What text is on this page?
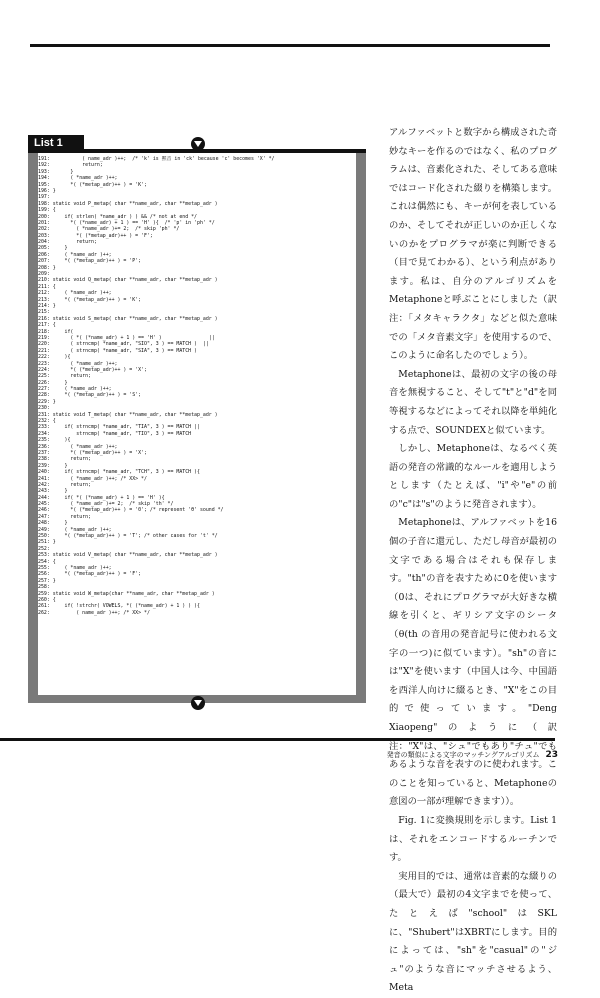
List 1
191:           ( name_adr )++;  /* 'k' is 黙音 in 'ck' because 'c' becomes 'X' */
192:           return;
193:       }
194:       ( *name_adr )++;
195:       *( (*metap_adr)++ ) = 'K';
196: }
197:
198: static void P_metap( char **name_adr, char **metap_adr )
199: {
200:     if( strlen( *name_adr ) ) && /* not at end */
201:       *( (*name_adr) + 1 ) == 'H' ){  /* 'p' in 'ph' */
202:         ( *name_adr )+= 2;  /* skip 'ph' */
203:         *( (*metap_adr)++ ) = 'F';
204:         return;
205:     }
206:     ( *name_adr )++;
207:     *( (*metap_adr)++ ) = 'P';
208: }
209:
210: static void Q_metap( char **name_adr, char **metap_adr )
211: {
212:     ( *name_adr )++;
213:     *( (*metap_adr)++ ) = 'K';
214: }
215:
216: static void S_metap( char **name_adr, char **metap_adr )
217: {
218:     if(
219:       ( *( (*name_adr) + 1 ) == 'H' )                ||
220:       ( strncmp( *name_adr, "SIO", 3 ) == MATCH )  ||
221:       ( strncmp( *name_adr, "SIA", 3 ) == MATCH )
222:     ){
223:       ( *name_adr )++;
224:       *( (*metap_adr)++ ) = 'X';
225:       return;
226:     }
227:     ( *name_adr )++;
228:     *( (*metap_adr)++ ) = 'S';
229: }
230:
231: static void T_metap( char **name_adr, char **metap_adr )
232: {
233:     if( strncmp( *name_adr, "TIA", 3 ) == MATCH ||
234:         strncmp( *name_adr, "TIO", 3 ) == MATCH
235:     ){
236:       ( *name_adr )++;
237:       *( (*metap_adr)++ ) = 'X';
238:       return;
239:     }
240:     if( strncmp( *name_adr, "TCH", 3 ) == MATCH ){
241:       ( *name_adr )++; /* XX> */
242:       return;
243:     }
244:     if( *( (*name_adr) + 1 ) == 'H' ){
245:       ( *name_adr )+= 2;  /* skip 'th' */
246:       *( (*metap_adr)++ ) = '0'; /* represent 'θ' sound */
247:       return;
248:     }
249:     ( *name_adr )++;
250:     *( (*metap_adr)++ ) = 'T'; /* other cases for 't' */
251: }
252:
253: static void V_metap( char **name_adr, char **metap_adr )
254: {
255:     ( *name_adr )++;
256:     *( (*metap_adr)++ ) = 'F';
257: }
258:
259: static void W_metap(char **name_adr, char **metap_adr )
260: {
261:     if( !strchr( VOWELS, *( (*name_adr) + 1 ) ) ){
262:         ( name_adr )++; /* XX> */

アルファベットと数字から構成された奇妙なキーを作るのではなく、私のプログラムは、音素化された、そしてある意味ではコード化された綴りを構築します。これは偶然にも、キーが何を表しているのか、そしてそれが正しいのか正しくないのかをプログラマが楽に判断できる（目で見てわかる）、という利点があります。私は、自分のアルゴリズムをMetaphoneと呼ぶことにしました（訳注：「メタキャラクタ」などと似た意味での「メタ音素文字」を使用するので、このように命名したのでしょう）。

Metaphoneは、最初の文字の後の母音を無視すること、そして"t"と"d"を同等視するなどによってそれ以降を単純化する点で、SOUNDEXと似ています。

しかし、Metaphoneは、なるべく英語の発音の常識的なルールを適用しようとします（たとえば、"i"や"e"の前の"c"は"s"のように発音されます）。

Metaphoneは、アルファベットを16個の子音に還元し、ただし母音が最初の文字である場合はそれも保存します。"th"の音を表すために0を使います（0は、それにプログラマが大好きな横線を引くと、ギリシア文字のシータ（θ(th の音用の発音記号に使われる文字の一つ)に似ています）。"sh"の音には"X"を使います（中国人は今、中国語を西洋人向けに綴るとき、"X"をこの目的で使っています。"Deng Xiaopeng"のように（訳注："X"は、"シュ"でもあり"チュ"でもあるような音を表すのに使われます。このことを知っていると、Metaphoneの意図の一部が理解できます））。

Fig. 1に変換規則を示します。List 1は、それをエンコードするルーチンです。

実用目的では、通常は音素的な綴りの（最大で）最初の4文字までを使って、たとえば"school"はSKLに、"Shubert"はXBRTにします。目的によっては、"sh"を"casual"の"ジュ"のような音にマッチさせるよう、Meta

発音の類似による文字のマッチングアルゴリズム 23
